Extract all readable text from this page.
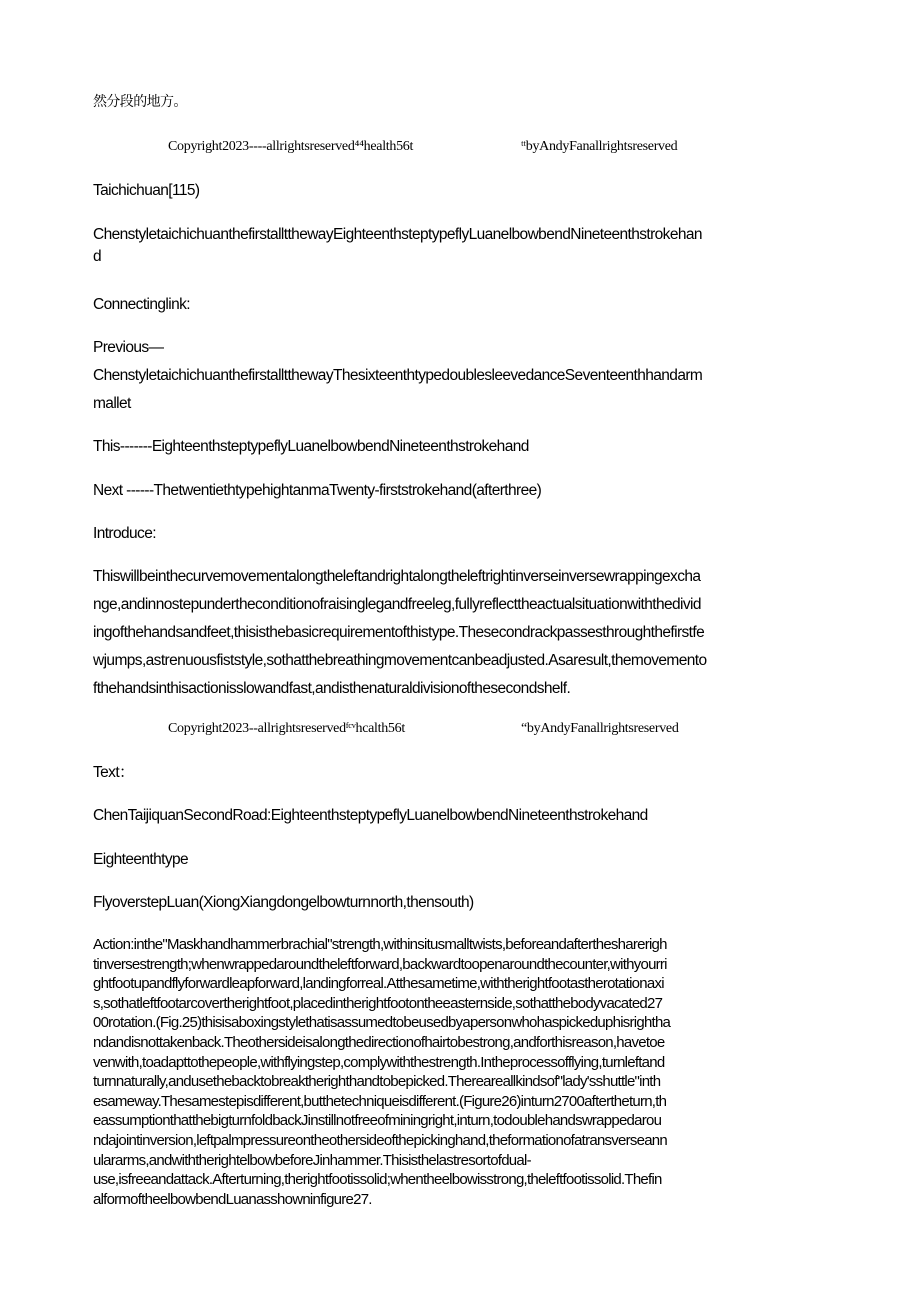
然分段的地方。
Copyright2023----allrightsreserved⁴⁴health56t	ᵗᵗbyAndyFanallrightsreserved
Taichichuan[115)
ChenstyletaichichuanthefirstalltthewayEighteenthsteptypeflyLuanelbowbendNineteenthstrokehan
d
Connectinglink:
Previous—
ChenstyletaichichuanthefirstalltthewayThesixteenthtypedoublesleevedanceSeventeenthhandarm
mallet
This-------EighteenthsteptypeflyLuanelbowbendNineteenthstrokehand
Next ------ThetwentiethtypehightanmaTwenty-firststrokehand(afterthree)
Introduce:
Thiswillbeinthecurvemovementalongtheleftandrightalongtheleftrightinverseinversewrappingexcha
nge,andinnostepundertheconditionofraisinglegandfreeleg,fullyreflecttheactualsituationwiththedivid
ingofthehandsandfeet,thisisthebasicrequirementofthistype.Thesecondrackpassesthroughthefirstfe
wjumps,astrenuousfiststyle,sothatthebreathingmovementcanbeadjusted.Asaresult,themovemento
fthehandsinthisactionisslowandfast,andisthenaturaldivisionofthesecondshelf.
Copyright2023--allrightsreservedᶠᶜᵛhcalth56t	“byAndyFanallrightsreserved
Text：
ChenTaijiquanSecondRoad:EighteenthsteptypeflyLuanelbowbendNineteenthstrokehand
Eighteenthtype
FlyoverstepLuan(XiongXiangdongelbowturnnorth,thensouth)
Action:inthe"Maskhandhammerbrachial"strength,withinsitusmalltwists,beforeandafterthesharerigh
tinversestrength;whenwrappedaroundtheleftforward,backwardtoopenaroundthecounter,withyourri
ghtfootupandflyforwardleapforward,landingforreal.Atthesametime,withtherightfootastherotationaxi
s,sothatleftfootarcovertherightfoot,placedintherightfootontheeasternside,sothatthebodyvacated27
00rotation.(Fig.25)thisisaboxingstylethatisassumedtobeusedbyapersonwhohaspickeduphisrightha
ndandisnottakenback.Theothersideisalongthedirectionofhairtobestrong,andforthisreason,havetoe
venwith,toadapttothepeople,withflyingstep,complywiththestrength.Intheprocessofflying,turnleftand
turnnaturally,andusethebacktobreaktherighthandtobepicked.Thereareallkindsof"lady'sshuttle"inth
esameway.Thesamestepisdifferent,butthetechniqueisdifferent.(Figure26)inturn2700aftertheturn,th
eassumptionthatthebigturnfoldbackJinstillnotfreeofminingright,inturn,todoublehandswrappedarou
ndajointinversion,leftpalmpressureontheothersideofthepickinghand,theformationofatransverseann
ulararms,andwiththerightelbowbeforeJinhammer.Thisisthelastresortofdual-
use,isfreeandattack.Afterturning,therightfootissolid;whentheelbowisstrong,theleftfootissolid.Thefin
alformoftheelbowbendLuanasshowninfigure27.
